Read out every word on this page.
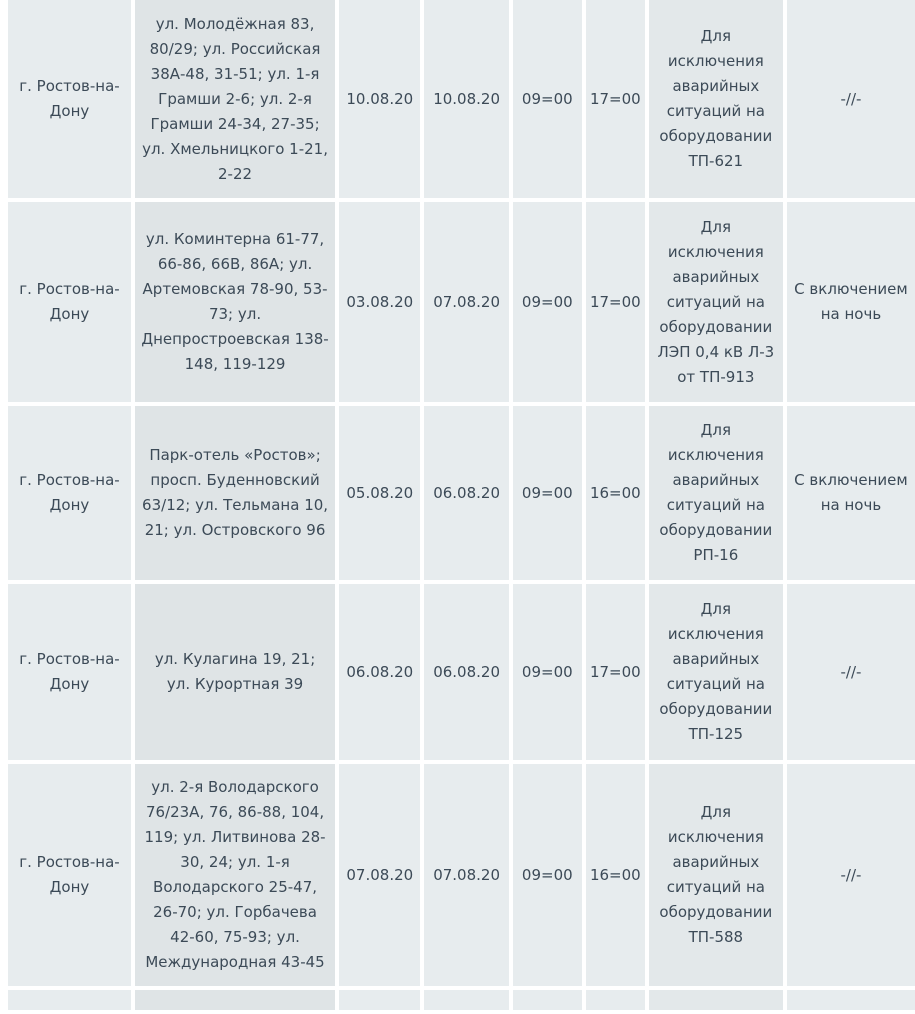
г. Ростов-на-Дону	ул. Молодёжная 83, 80/29; ул. Российская 38А-48, 31-51; ул. 1-я Грамши 2-6; ул. 2-я Грамши 24-34, 27-35; ул. Хмельницкого 1-21, 2-22	10.08.20	10.08.20	09=00	17=00	Для исключения аварийных ситуаций на оборудовании ТП-621	-//-
г. Ростов-на-Дону	ул. Коминтерна 61-77, 66-86, 66В, 86А; ул. Артемовская 78-90, 53-73; ул. Днепростроевская 138-148, 119-129	03.08.20	07.08.20	09=00	17=00	Для исключения аварийных ситуаций на оборудовании ЛЭП 0,4 кВ Л-3 от ТП-913	С включением на ночь
г. Ростов-на-Дону	Парк-отель «Ростов»; просп. Буденновский 63/12; ул. Тельмана 10, 21; ул. Островского 96	05.08.20	06.08.20	09=00	16=00	Для исключения аварийных ситуаций на оборудовании РП-16	С включением на ночь
г. Ростов-на-Дону	ул. Кулагина 19, 21; ул. Курортная 39	06.08.20	06.08.20	09=00	17=00	Для исключения аварийных ситуаций на оборудовании ТП-125	-//-
г. Ростов-на-Дону	ул. 2-я Володарского 76/23А, 76, 86-88, 104, 119; ул. Литвинова 28-30, 24; ул. 1-я Володарского 25-47, 26-70; ул. Горбачева 42-60, 75-93; ул. Международная 43-45	07.08.20	07.08.20	09=00	16=00	Для исключения аварийных ситуаций на оборудовании ТП-588	-//-
